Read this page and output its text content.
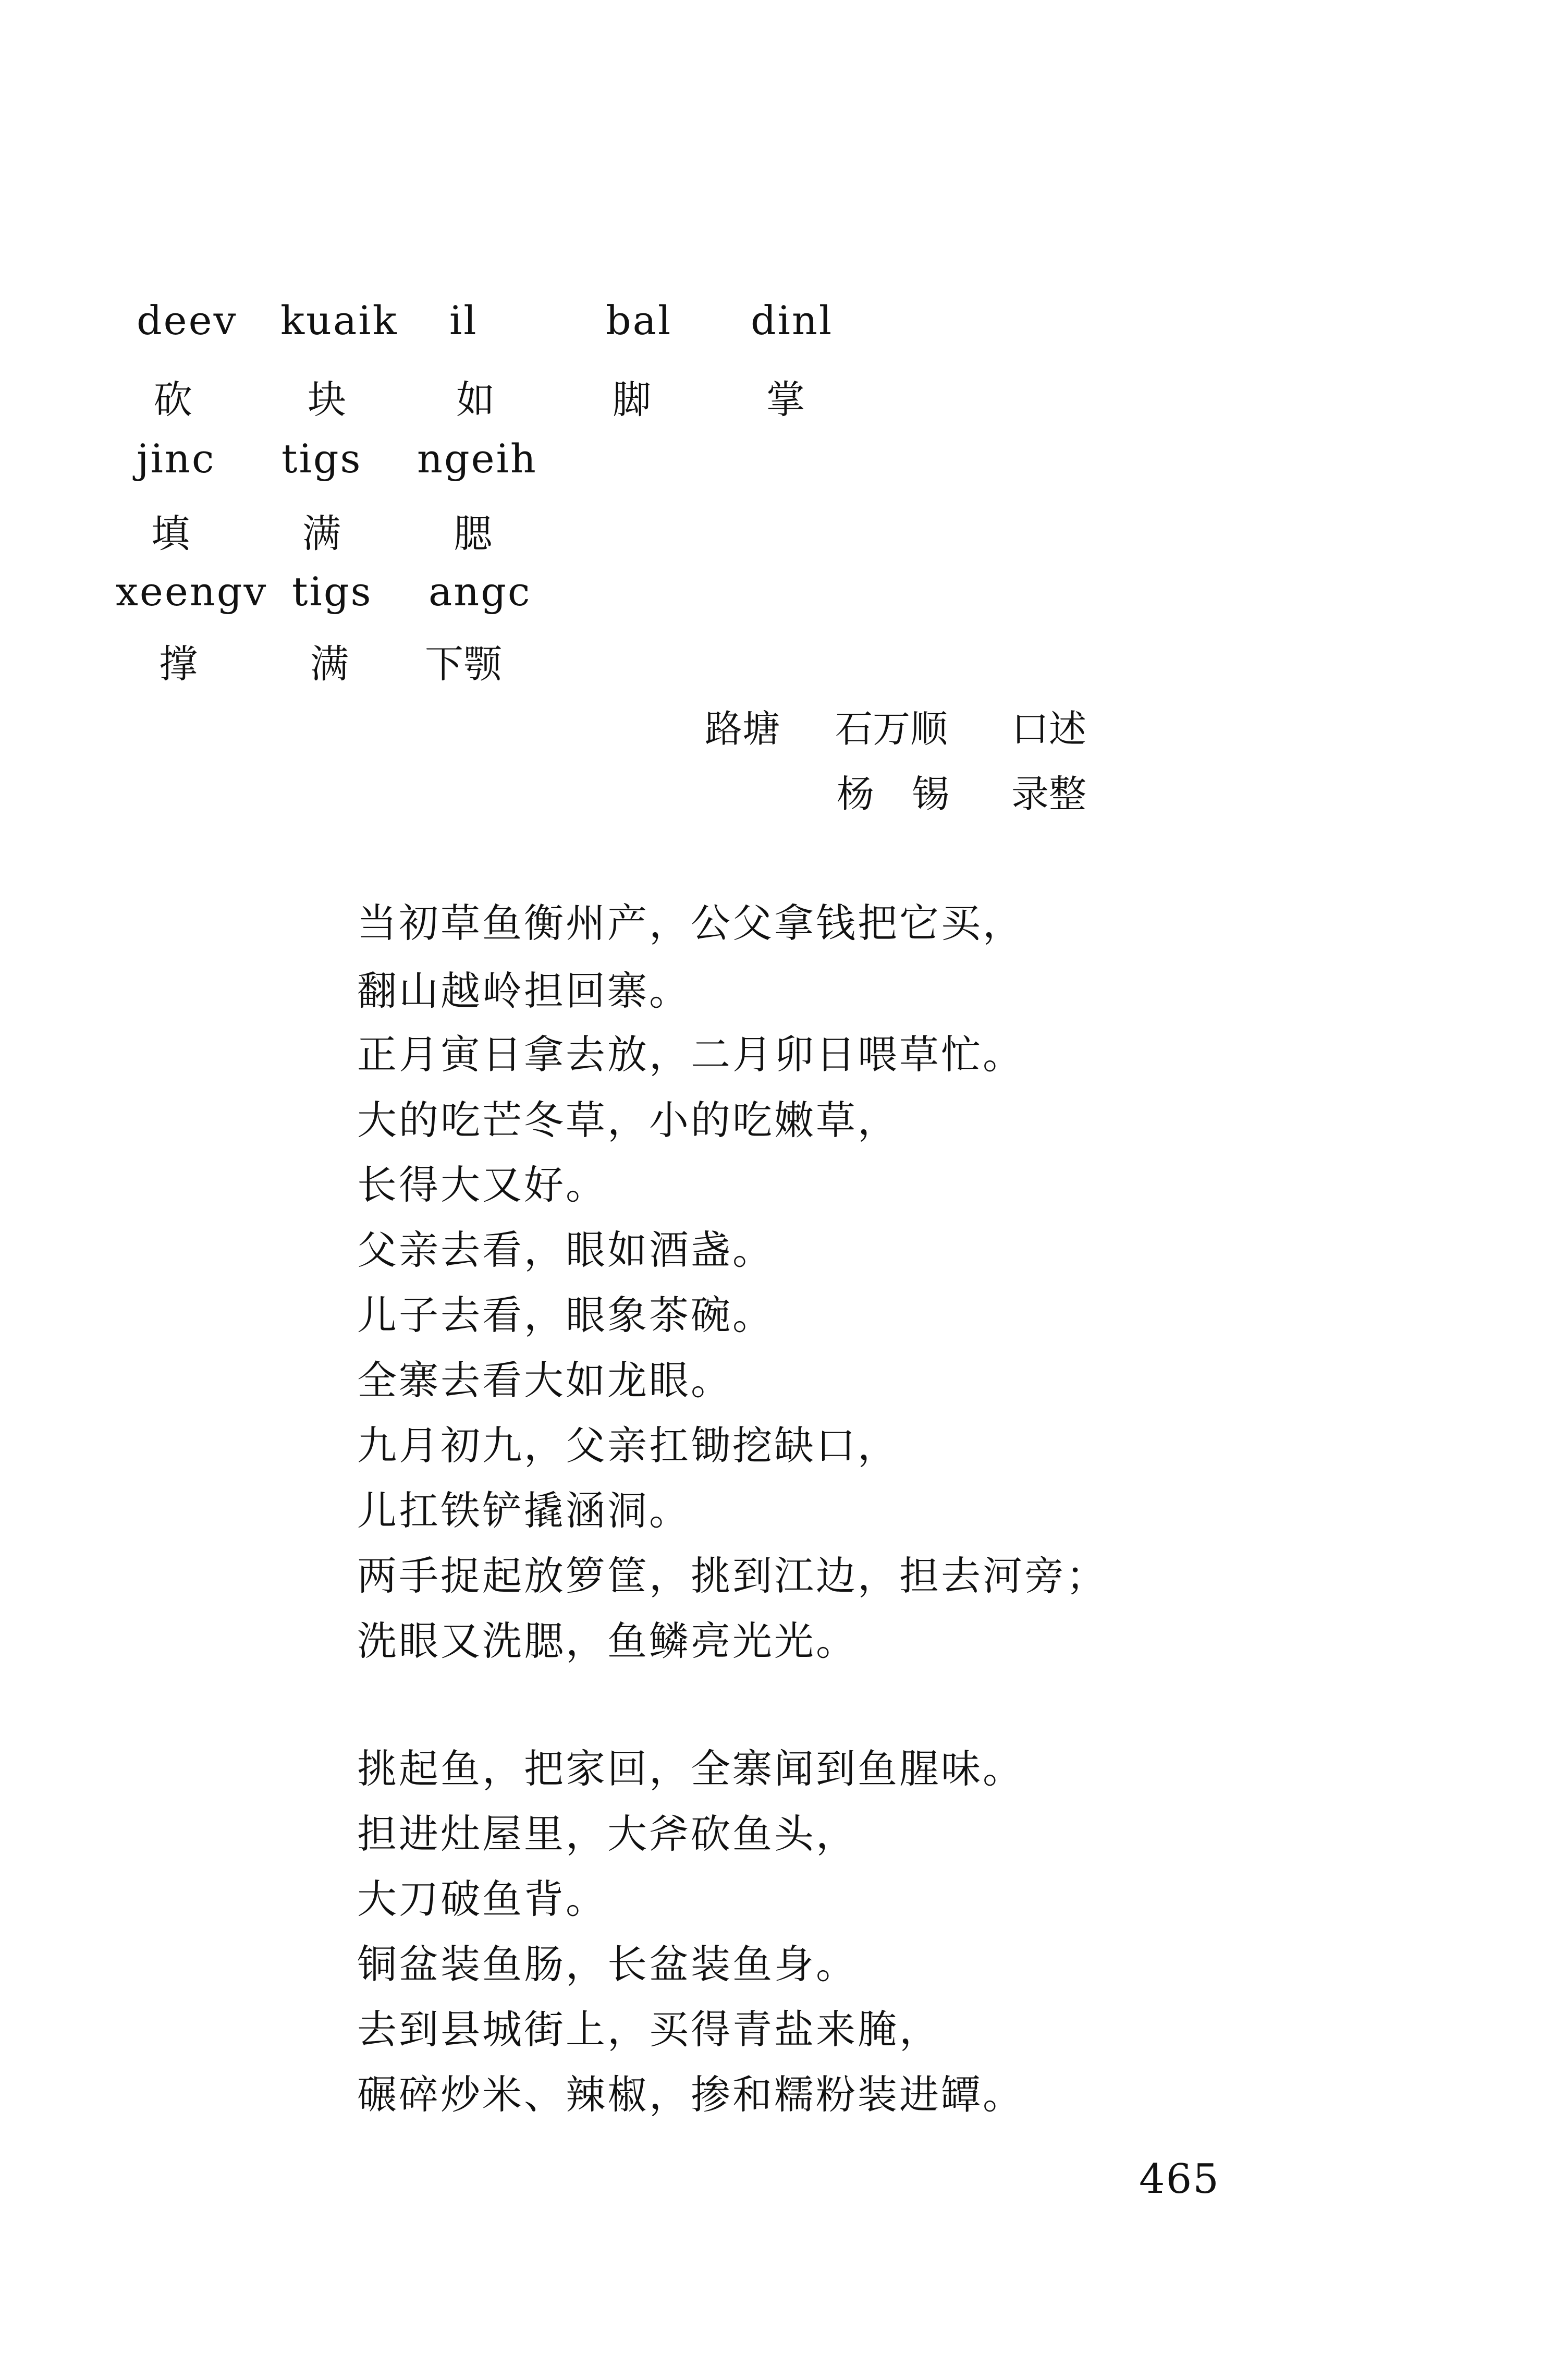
deev kuaik il	bal dinl
砍	块	如	脚	掌
jinc tigs ngeih
填	满	腮
xeengv tigs angc
撑	满 下颚
路塘 石万顺 口述
杨　锡 录整
当初草鱼衡州产，公父拿钱把它买，
翻山越岭担回寨。
正月寅日拿去放，二月卯日喂草忙。
大的吃芒冬草，小的吃嫩草，
长得大又好。
父亲去看，眼如酒盏。
儿子去看，眼象茶碗。
全寨去看大如龙眼。
九月初九，父亲扛锄挖缺口，
儿扛铁铲撬涵洞。
两手捉起放箩筐，挑到江边，担去河旁；
洗眼又洗腮，鱼鳞亮光光。
挑起鱼，把家回，全寨闻到鱼腥味。
担进灶屋里，大斧砍鱼头，
大刀破鱼背。
铜盆装鱼肠，长盆装鱼身。
去到县城街上，买得青盐来腌，
碾碎炒米、辣椒，掺和糯粉装进罈。
465
